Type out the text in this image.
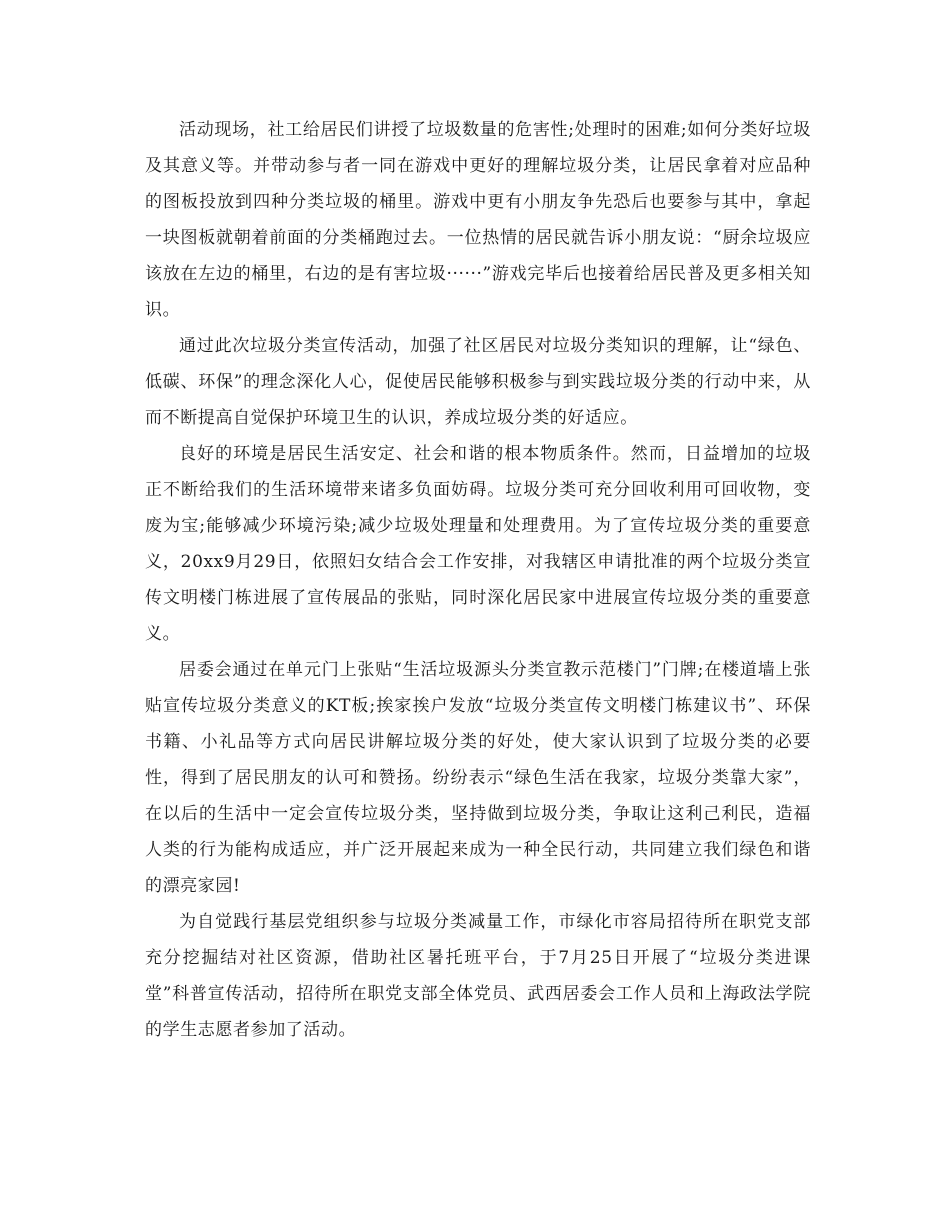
活动现场，社工给居民们讲授了垃圾数量的危害性;处理时的困难;如何分类好垃圾及其意义等。并带动参与者一同在游戏中更好的理解垃圾分类，让居民拿着对应品种的图板投放到四种分类垃圾的桶里。游戏中更有小朋友争先恐后也要参与其中，拿起一块图板就朝着前面的分类桶跑过去。一位热情的居民就告诉小朋友说：“厨余垃圾应该放在左边的桶里，右边的是有害垃圾······”游戏完毕后也接着给居民普及更多相关知识。

通过此次垃圾分类宣传活动，加强了社区居民对垃圾分类知识的理解，让“绿色、低碳、环保”的理念深化人心，促使居民能够积极参与到实践垃圾分类的行动中来，从而不断提高自觉保护环境卫生的认识，养成垃圾分类的好适应。

良好的环境是居民生活安定、社会和谐的根本物质条件。然而，日益增加的垃圾正不断给我们的生活环境带来诸多负面妨碍。垃圾分类可充分回收利用可回收物，变废为宝;能够减少环境污染;减少垃圾处理量和处理费用。为了宣传垃圾分类的重要意义，20xx9月29日，依照妇女结合会工作安排，对我辖区申请批准的两个垃圾分类宣传文明楼门栋进展了宣传展品的张贴，同时深化居民家中进展宣传垃圾分类的重要意义。

居委会通过在单元门上张贴“生活垃圾源头分类宣教示范楼门”门牌;在楼道墙上张贴宣传垃圾分类意义的KT板;挨家挨户发放“垃圾分类宣传文明楼门栋建议书”、环保书籍、小礼品等方式向居民讲解垃圾分类的好处，使大家认识到了垃圾分类的必要性，得到了居民朋友的认可和赞扬。纷纷表示“绿色生活在我家，垃圾分类靠大家”，在以后的生活中一定会宣传垃圾分类，坚持做到垃圾分类，争取让这利己利民，造福人类的行为能构成适应，并广泛开展起来成为一种全民行动，共同建立我们绿色和谐的漂亮家园!

为自觉践行基层党组织参与垃圾分类减量工作，市绿化市容局招待所在职党支部充分挖掘结对社区资源，借助社区暑托班平台，于7月25日开展了“垃圾分类进课堂”科普宣传活动，招待所在职党支部全体党员、武西居委会工作人员和上海政法学院的学生志愿者参加了活动。
